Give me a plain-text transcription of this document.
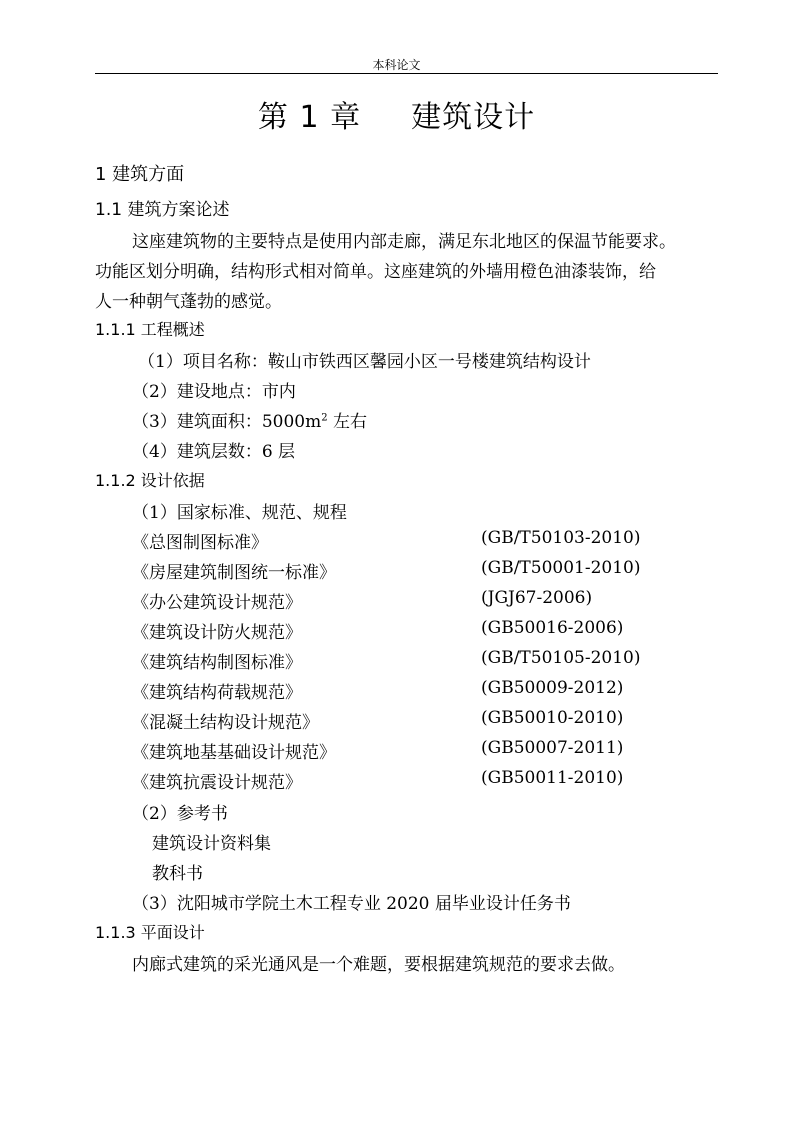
本科论文
第 1 章 建筑设计
1 建筑方面
1.1 建筑方案论述
这座建筑物的主要特点是使用内部走廊，满足东北地区的保温节能要求。
功能区划分明确，结构形式相对简单。这座建筑的外墙用橙色油漆装饰，给
人一种朝气蓬勃的感觉。
1.1.1 工程概述
（1）项目名称：鞍山市铁西区馨园小区一号楼建筑结构设计
（2）建设地点：市内
（3）建筑面积：$5000m^2$ 左右
（4）建筑层数：6 层
1.1.2 设计依据
（1）国家标准、规范、规程
《总图制图标准》	(GB/T50103-2010)
《房屋建筑制图统一标准》	(GB/T50001-2010)
《办公建筑设计规范》	(JGJ67-2006)
《建筑设计防火规范》	(GB50016-2006)
《建筑结构制图标准》	(GB/T50105-2010)
《建筑结构荷载规范》	(GB50009-2012)
《混凝土结构设计规范》	(GB50010-2010)
《建筑地基基础设计规范》	(GB50007-2011)
《建筑抗震设计规范》	(GB50011-2010)
（2）参考书
建筑设计资料集
教科书
（3）沈阳城市学院土木工程专业 2020 届毕业设计任务书
1.1.3 平面设计
内廊式建筑的采光通风是一个难题，要根据建筑规范的要求去做。
